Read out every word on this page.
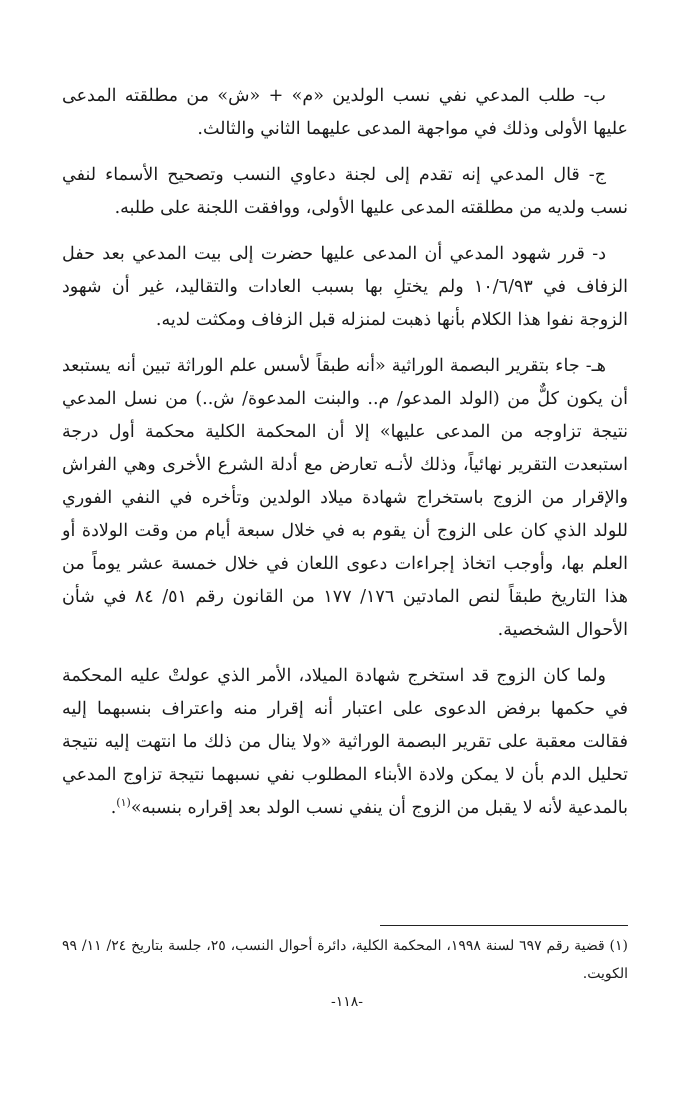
ب- طلب المدعي نفي نسب الولدين «م» + «ش» من مطلقته المدعى عليها الأولى وذلك في مواجهة المدعى عليهما الثاني والثالث.

ج- قال المدعي إنه تقدم إلى لجنة دعاوي النسب وتصحيح الأسماء لنفي نسب ولديه من مطلقته المدعى عليها الأولى، ووافقت اللجنة على طلبه.

د- قرر شهود المدعي أن المدعى عليها حضرت إلى بيت المدعي بعد حفل الزفاف في ١٠/٦/٩٣ ولم يختلِ بها بسبب العادات والتقاليد، غير أن شهود الزوجة نفوا هذا الكلام بأنها ذهبت لمنزله قبل الزفاف ومكثت لديه.

هـ- جاء بتقرير البصمة الوراثية «أنه طبقاً لأسس علم الوراثة تبين أنه يستبعد أن يكون كلٌّ من (الولد المدعو/ م.. والبنت المدعوة/ ش..) من نسل المدعي نتيجة تزاوجه من المدعى عليها» إلا أن المحكمة الكلية محكمة أول درجة استبعدت التقرير نهائياً، وذلك لأنـه تعارض مع أدلة الشرع الأخرى وهي الفراش والإقرار من الزوج باستخراج شهادة ميلاد الولدين وتأخره في النفي الفوري للولد الذي كان على الزوج أن يقوم به في خلال سبعة أيام من وقت الولادة أو العلم بها، وأوجب اتخاذ إجراءات دعوى اللعان في خلال خمسة عشر يوماً من هذا التاريخ طبقاً لنص المادتين ١٧٦/ ١٧٧ من القانون رقم ٥١/ ٨٤ في شأن الأحوال الشخصية.

ولما كان الزوج قد استخرج شهادة الميلاد، الأمر الذي عولتْ عليه المحكمة في حكمها برفض الدعوى على اعتبار أنه إقرار منه واعتراف بنسبهما إليه فقالت معقبة على تقرير البصمة الوراثية «ولا ينال من ذلك ما انتهت إليه نتيجة تحليل الدم بأن لا يمكن ولادة الأبناء المطلوب نفي نسبهما نتيجة تزاوج المدعي بالمدعية لأنه لا يقبل من الزوج أن ينفي نسب الولد بعد إقراره بنسبه»$^{(١)}$.

(١) قضية رقم ٦٩٧ لسنة ١٩٩٨، المحكمة الكلية، دائرة أحوال النسب، ٢٥، جلسة بتاريخ ٢٤/ ١١/ ٩٩ الكويت.

-١١٨-
